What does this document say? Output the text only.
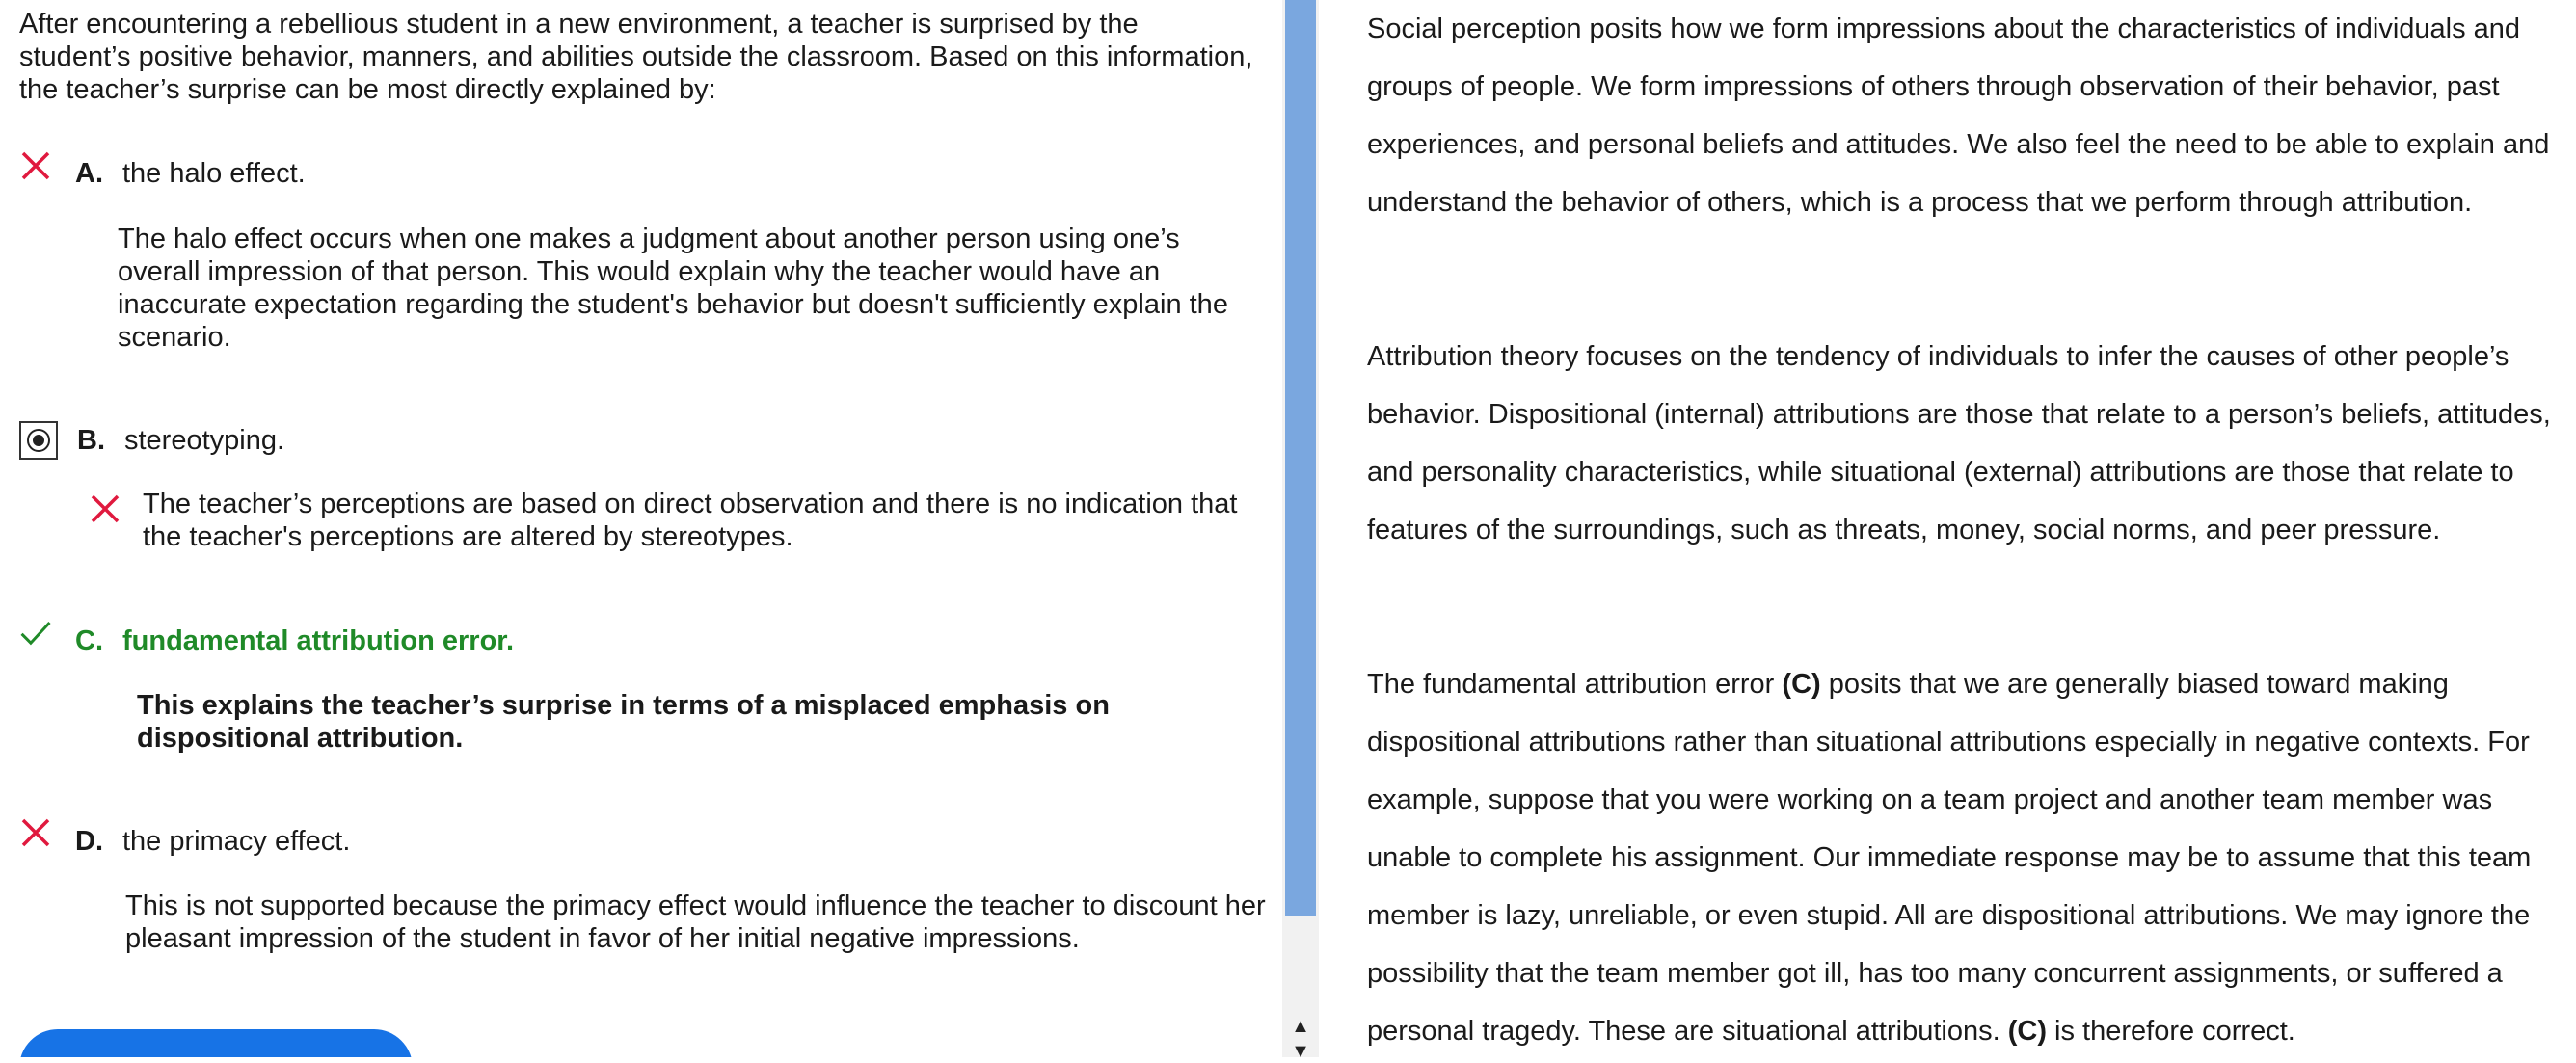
After encountering a rebellious student in a new environment, a teacher is surprised by the student’s positive behavior, manners, and abilities outside the classroom. Based on this information, the teacher’s surprise can be most directly explained by:
A. the halo effect.
The halo effect occurs when one makes a judgment about another person using one’s overall impression of that person. This would explain why the teacher would have an inaccurate expectation regarding the student's behavior but doesn't sufficiently explain the scenario.
B. stereotyping.
The teacher’s perceptions are based on direct observation and there is no indication that the teacher's perceptions are altered by stereotypes.
C. fundamental attribution error.
This explains the teacher’s surprise in terms of a misplaced emphasis on dispositional attribution.
D. the primacy effect.
This is not supported because the primacy effect would influence the teacher to discount her pleasant impression of the student in favor of her initial negative impressions.
▲
▼

Social perception posits how we form impressions about the characteristics of individuals and groups of people. We form impressions of others through observation of their behavior, past experiences, and personal beliefs and attitudes. We also feel the need to be able to explain and understand the behavior of others, which is a process that we perform through attribution.

Attribution theory focuses on the tendency of individuals to infer the causes of other people’s behavior. Dispositional (internal) attributions are those that relate to a person’s beliefs, attitudes, and personality characteristics, while situational (external) attributions are those that relate to features of the surroundings, such as threats, money, social norms, and peer pressure.

The fundamental attribution error (C) posits that we are generally biased toward making dispositional attributions rather than situational attributions especially in negative contexts. For example, suppose that you were working on a team project and another team member was unable to complete his assignment. Our immediate response may be to assume that this team member is lazy, unreliable, or even stupid. All are dispositional attributions. We may ignore the possibility that the team member got ill, has too many concurrent assignments, or suffered a personal tragedy. These are situational attributions. (C) is therefore correct.
